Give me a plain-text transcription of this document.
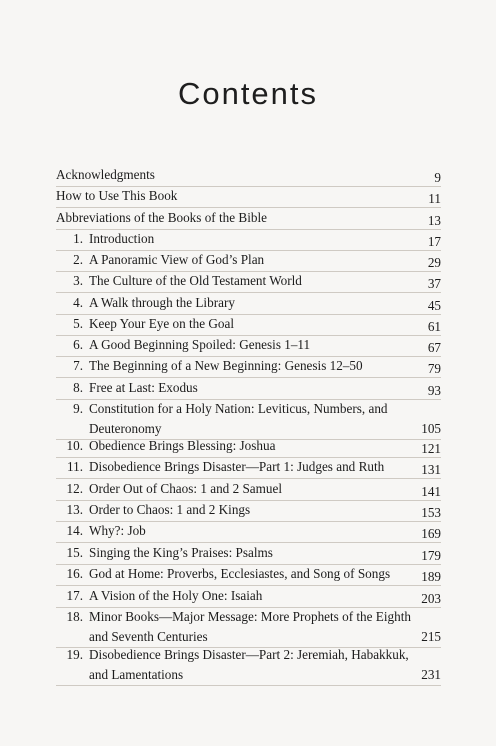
Contents
Acknowledgments	9
How to Use This Book	11
Abbreviations of the Books of the Bible	13
1. Introduction	17
2. A Panoramic View of God’s Plan	29
3. The Culture of the Old Testament World	37
4. A Walk through the Library	45
5. Keep Your Eye on the Goal	61
6. A Good Beginning Spoiled: Genesis 1–11	67
7. The Beginning of a New Beginning: Genesis 12–50	79
8. Free at Last: Exodus	93
9. Constitution for a Holy Nation: Leviticus, Numbers, and
Deuteronomy	105
10. Obedience Brings Blessing: Joshua	121
11. Disobedience Brings Disaster—Part 1: Judges and Ruth	131
12. Order Out of Chaos: 1 and 2 Samuel	141
13. Order to Chaos: 1 and 2 Kings	153
14. Why?: Job	169
15. Singing the King’s Praises: Psalms	179
16. God at Home: Proverbs, Ecclesiastes, and Song of Songs 189
17. A Vision of the Holy One: Isaiah	203
18. Minor Books—Major Message: More Prophets of the Eighth
and Seventh Centuries	215
19. Disobedience Brings Disaster—Part 2: Jeremiah, Habakkuk,
and Lamentations	231
